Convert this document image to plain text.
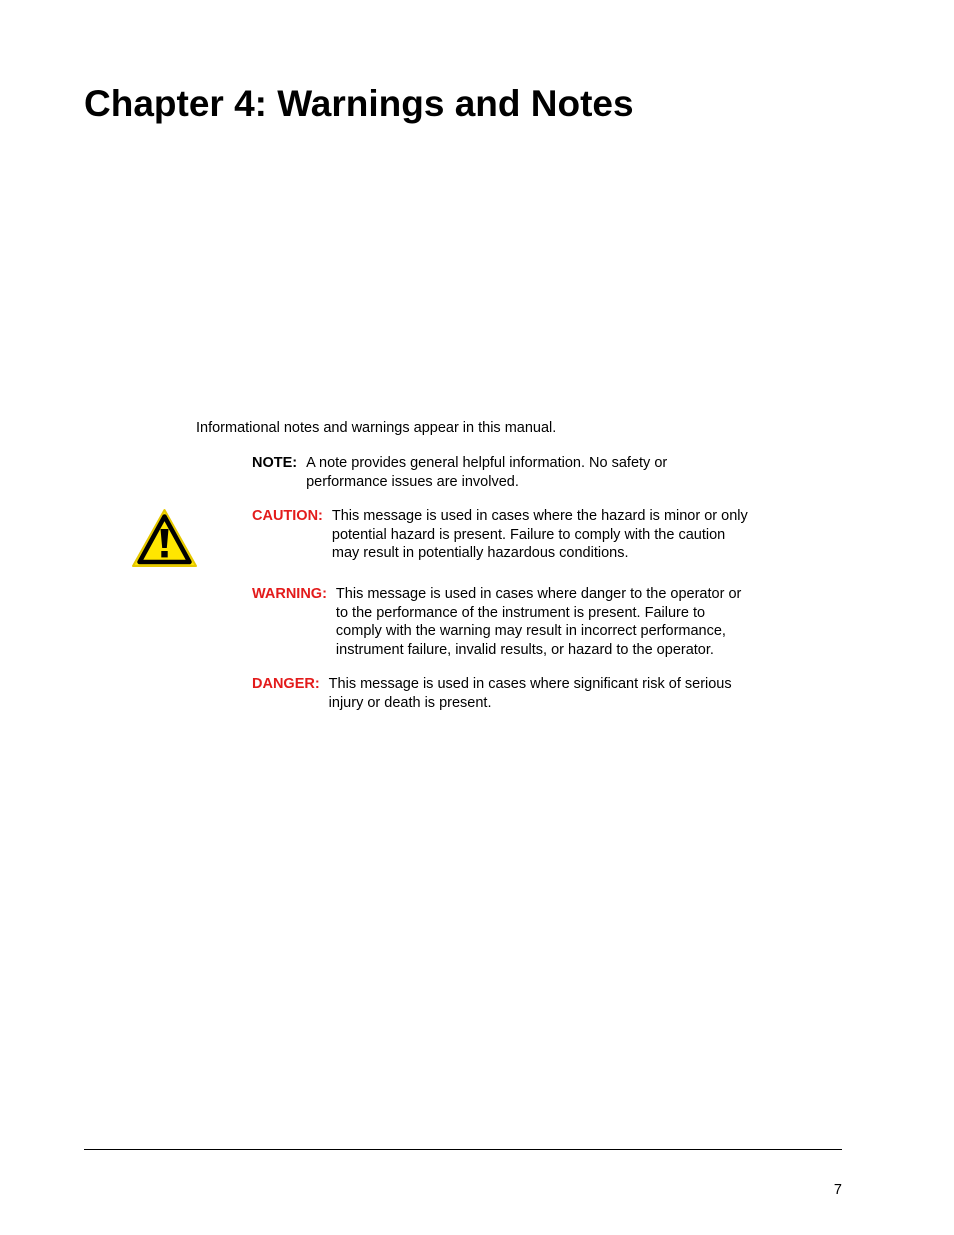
Chapter 4: Warnings and Notes
Informational notes and warnings appear in this manual.
NOTE: A note provides general helpful information. No safety or
performance issues are involved.
CAUTION: This message is used in cases where the hazard is minor or only
potential hazard is present. Failure to comply with the caution
may result in potentially hazardous conditions.
WARNING: This message is used in cases where danger to the operator or
to the performance of the instrument is present. Failure to
comply with the warning may result in incorrect performance,
instrument failure, invalid results, or hazard to the operator.
DANGER: This message is used in cases where significant risk of serious
injury or death is present.
7
